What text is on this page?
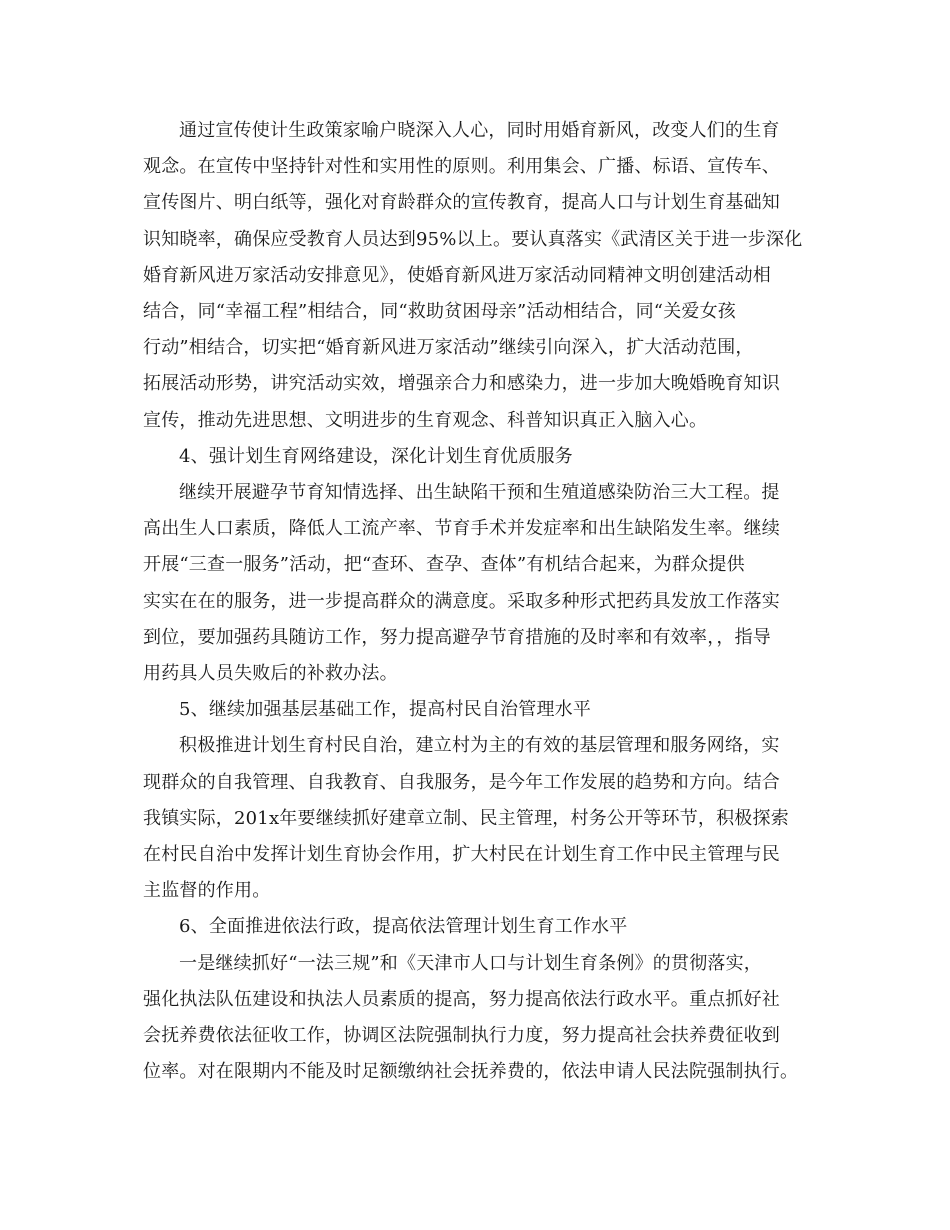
通过宣传使计生政策家喻户晓深入人心，同时用婚育新风，改变人们的生育
观念。在宣传中坚持针对性和实用性的原则。利用集会、广播、标语、宣传车、
宣传图片、明白纸等，强化对育龄群众的宣传教育，提高人口与计划生育基础知
识知晓率，确保应受教育人员达到95%以上。要认真落实《武清区关于进一步深化
婚育新风进万家活动安排意见》，使婚育新风进万家活动同精神文明创建活动相
结合，同“幸福工程”相结合，同“救助贫困母亲”活动相结合，同“关爱女孩
行动”相结合，切实把“婚育新风进万家活动”继续引向深入，扩大活动范围，
拓展活动形势，讲究活动实效，增强亲合力和感染力，进一步加大晚婚晚育知识
宣传，推动先进思想、文明进步的生育观念、科普知识真正入脑入心。

4、强计划生育网络建设，深化计划生育优质服务

继续开展避孕节育知情选择、出生缺陷干预和生殖道感染防治三大工程。提
高出生人口素质，降低人工流产率、节育手术并发症率和出生缺陷发生率。继续
开展“三查一服务”活动，把“查环、查孕、查体”有机结合起来，为群众提供
实实在在的服务，进一步提高群众的满意度。采取多种形式把药具发放工作落实
到位，要加强药具随访工作，努力提高避孕节育措施的及时率和有效率，，指导
用药具人员失败后的补救办法。

5、继续加强基层基础工作，提高村民自治管理水平

积极推进计划生育村民自治，建立村为主的有效的基层管理和服务网络，实
现群众的自我管理、自我教育、自我服务，是今年工作发展的趋势和方向。结合
我镇实际，201x年要继续抓好建章立制、民主管理，村务公开等环节，积极探索
在村民自治中发挥计划生育协会作用，扩大村民在计划生育工作中民主管理与民
主监督的作用。

6、全面推进依法行政，提高依法管理计划生育工作水平

一是继续抓好“一法三规”和《天津市人口与计划生育条例》的贯彻落实，
强化执法队伍建设和执法人员素质的提高，努力提高依法行政水平。重点抓好社
会抚养费依法征收工作，协调区法院强制执行力度，努力提高社会扶养费征收到
位率。对在限期内不能及时足额缴纳社会抚养费的，依法申请人民法院强制执行。
